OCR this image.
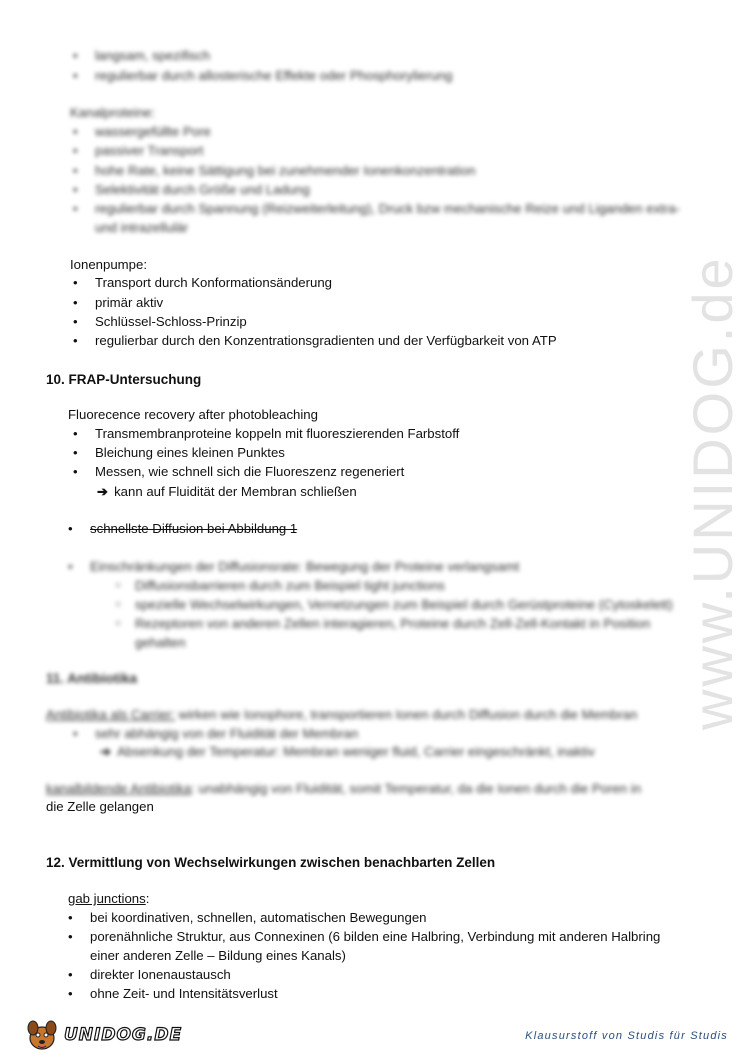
www.UNIDOG.de
• langsam, spezifisch
• regulierbar durch allosterische Effekte oder Phosphorylierung
Kanalproteine:
• wassergefüllte Pore
• passiver Transport
• hohe Rate, keine Sättigung bei zunehmender Ionenkonzentration
• Selektivität durch Größe und Ladung
• regulierbar durch Spannung (Reizweiterleitung), Druck bzw mechanische Reize und Liganden extra-
und intrazellulär
Ionenpumpe:
• Transport durch Konformationsänderung
• primär aktiv
• Schlüssel-Schloss-Prinzip
• regulierbar durch den Konzentrationsgradienten und der Verfügbarkeit von ATP
10. FRAP-Untersuchung
Fluorecence recovery after photobleaching
• Transmembranproteine koppeln mit fluoreszierenden Farbstoff
• Bleichung eines kleinen Punktes
• Messen, wie schnell sich die Fluoreszenz regeneriert
➔ kann auf Fluidität der Membran schließen
• schnellste Diffusion bei Abbildung 1
• Einschränkungen der Diffusionsrate: Bewegung der Proteine verlangsamt
○ Diffusionsbarrieren durch zum Beispiel tight junctions
○ spezielle Wechselwirkungen, Vernetzungen zum Beispiel durch Gerüstproteine (Cytoskelett)
○ Rezeptoren von anderen Zellen interagieren, Proteine durch Zell-Zell-Kontakt in Position
gehalten
11. Antibiotika
Antibiotika als Carrier: wirken wie Ionophore, transportieren Ionen durch Diffusion durch die Membran
• sehr abhängig von der Fluidität der Membran
➔ Absenkung der Temperatur: Membran weniger fluid, Carrier eingeschränkt, inaktiv
kanalbildende Antibiotika: unabhängig von Fluidität, somit Temperatur, da die Ionen durch die Poren in
die Zelle gelangen
12. Vermittlung von Wechselwirkungen zwischen benachbarten Zellen
gab junctions:
• bei koordinativen, schnellen, automatischen Bewegungen
• porenähnliche Struktur, aus Connexinen (6 bilden eine Halbring, Verbindung mit anderen Halbring
einer anderen Zelle – Bildung eines Kanals)
• direkter Ionenaustausch
• ohne Zeit- und Intensitätsverlust
UNIDOG.DE	Klausurstoff von Studis für Studis
